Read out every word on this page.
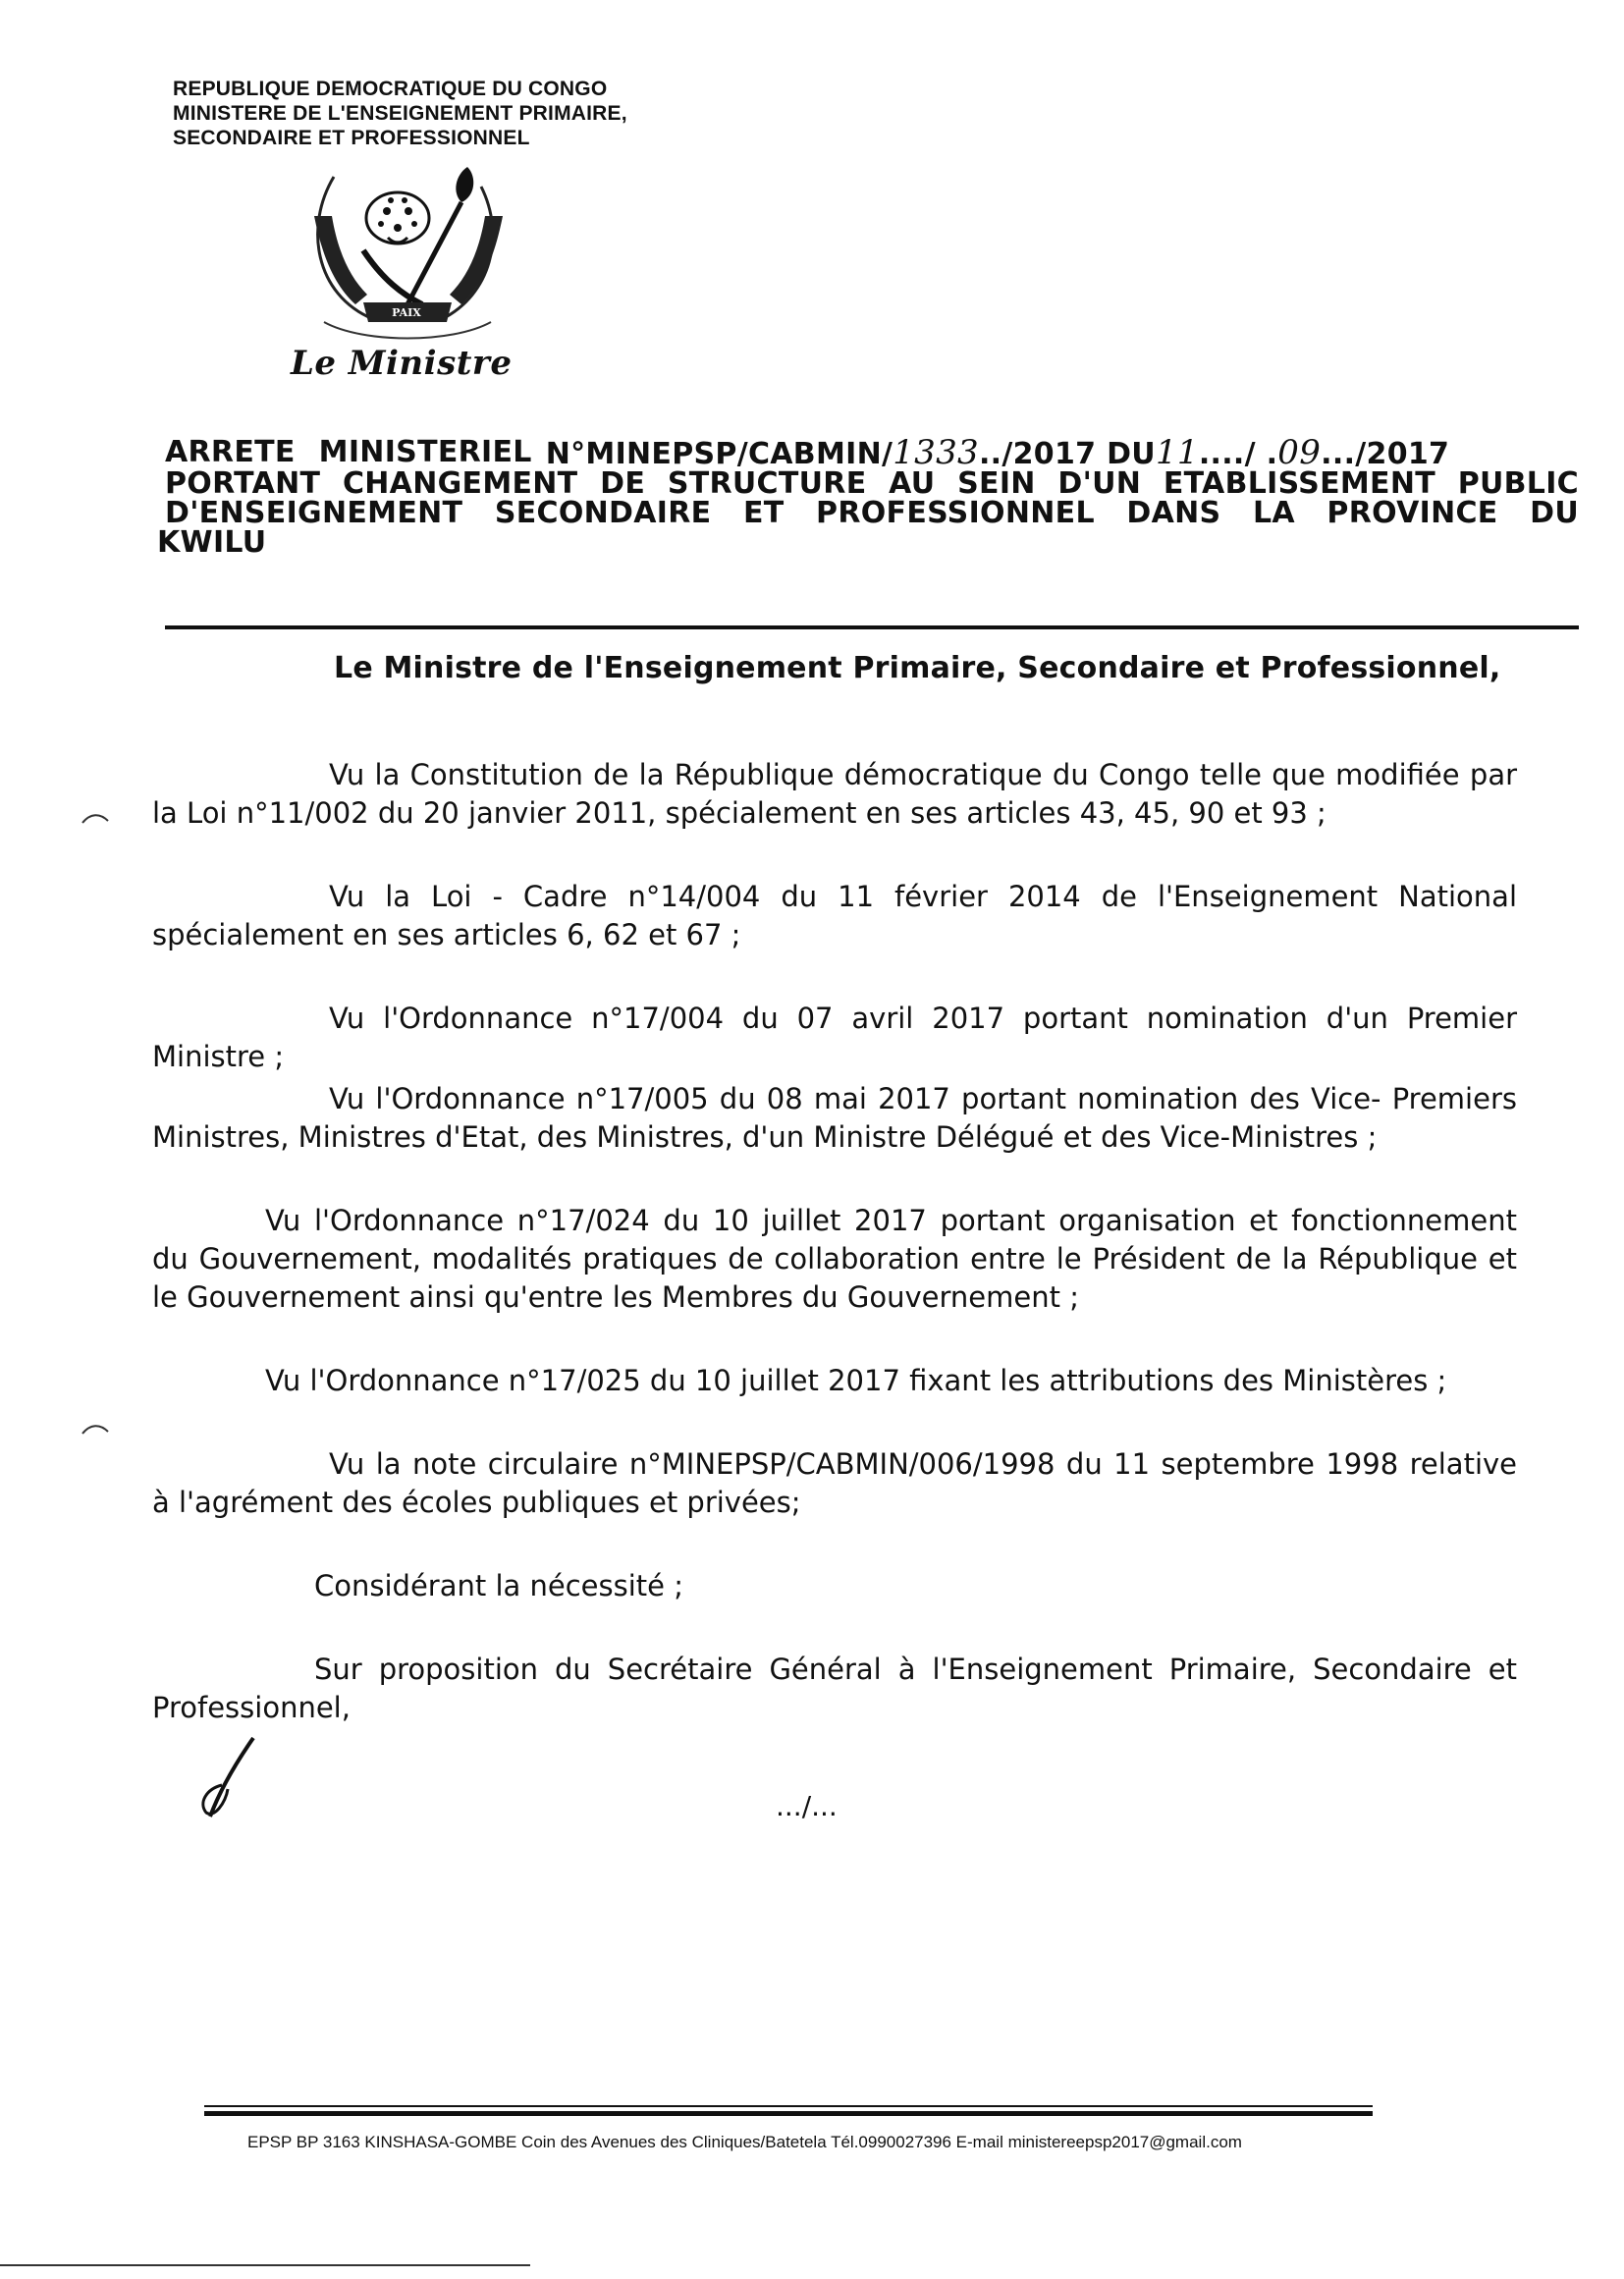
REPUBLIQUE DEMOCRATIQUE DU CONGO
MINISTERE DE L'ENSEIGNEMENT PRIMAIRE,
SECONDAIRE ET PROFESSIONNEL
PAIX
Le Ministre
ARRETE MINISTERIEL N°MINEPSP/CABMIN/1333../2017 DU11..../ .09.../2017
PORTANT CHANGEMENT DE STRUCTURE AU SEIN D'UN ETABLISSEMENT PUBLIC
D'ENSEIGNEMENT SECONDAIRE ET PROFESSIONNEL DANS LA PROVINCE DU
KWILU
Le Ministre de l'Enseignement Primaire, Secondaire et Professionnel,

Vu la Constitution de la République démocratique du Congo telle que modifiée par la Loi n°11/002 du 20 janvier 2011, spécialement en ses articles 43, 45, 90 et 93 ;

Vu la Loi - Cadre n°14/004 du 11 février 2014 de l'Enseignement National spécialement en ses articles 6, 62 et 67 ;

Vu l'Ordonnance n°17/004 du 07 avril 2017 portant nomination d'un Premier Ministre ;

Vu l'Ordonnance n°17/005 du 08 mai 2017 portant nomination des Vice- Premiers Ministres, Ministres d'Etat, des Ministres, d'un Ministre Délégué et des Vice-Ministres ;

Vu l'Ordonnance n°17/024 du 10 juillet 2017 portant organisation et fonctionnement du Gouvernement, modalités pratiques de collaboration entre le Président de la République et le Gouvernement ainsi qu'entre les Membres du Gouvernement ;

Vu l'Ordonnance n°17/025 du 10 juillet 2017 fixant les attributions des Ministères ;

Vu la note circulaire n°MINEPSP/CABMIN/006/1998 du 11 septembre 1998 relative à l'agrément des écoles publiques et privées;

Considérant la nécessité ;

Sur proposition du Secrétaire Général à l'Enseignement Primaire, Secondaire et Professionnel,

.../...
EPSP BP 3163 KINSHASA-GOMBE Coin des Avenues des Cliniques/Batetela Tél.0990027396 E-mail ministereepsp2017@gmail.com
